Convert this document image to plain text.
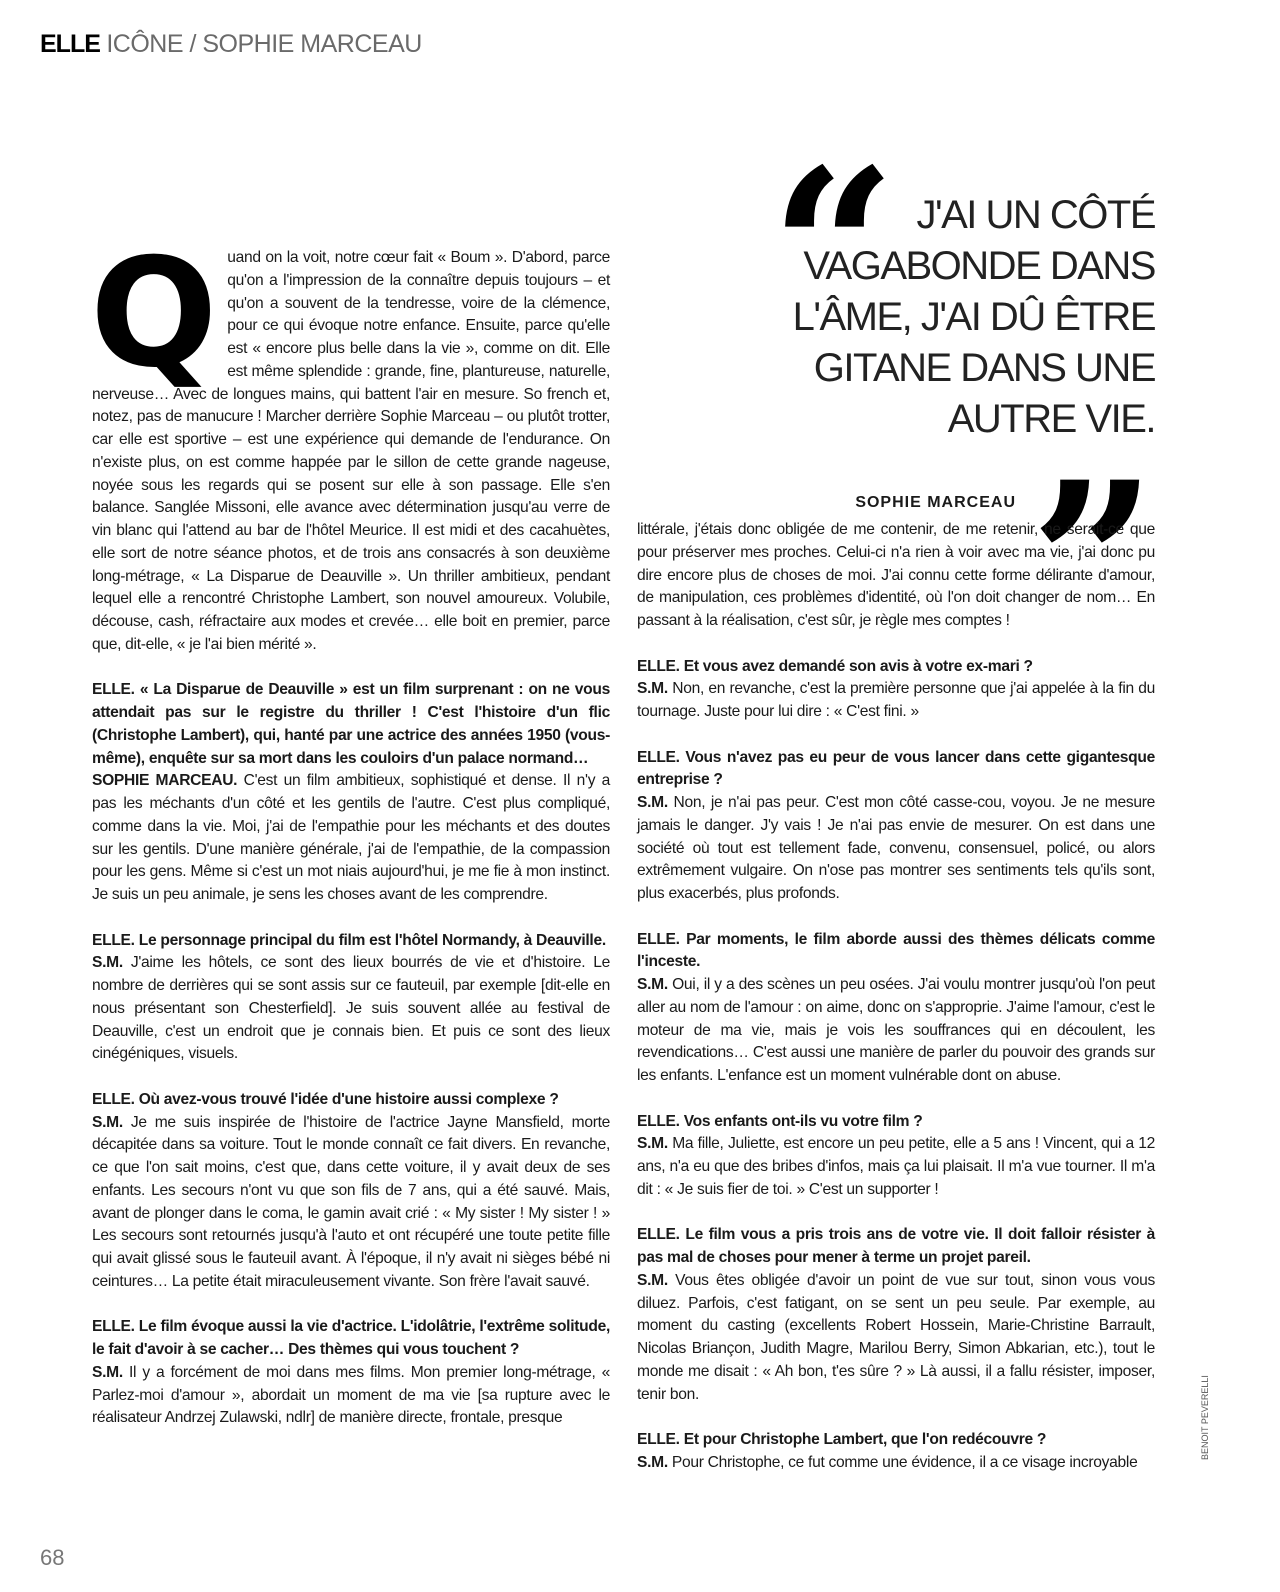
ELLE ICÔNE / SOPHIE MARCEAU
“ J'AI UN CÔTÉ VAGABONDE DANS L'ÂME, J'AI DÛ ÊTRE GITANE DANS UNE AUTRE VIE.
SOPHIE MARCEAU ”

Quand on la voit, notre cœur fait « Boum ». D'abord, parce qu'on a l'impression de la connaître depuis toujours – et qu'on a souvent de la tendresse, voire de la clémence, pour ce qui évoque notre enfance. Ensuite, parce qu'elle est « encore plus belle dans la vie », comme on dit. Elle est même splendide : grande, fine, plantureuse, naturelle, nerveuse… Avec de longues mains, qui battent l'air en mesure. So french et, notez, pas de manucure ! Marcher derrière Sophie Marceau – ou plutôt trotter, car elle est sportive – est une expérience qui demande de l'endurance. On n'existe plus, on est comme happée par le sillon de cette grande nageuse, noyée sous les regards qui se posent sur elle à son passage. Elle s'en balance. Sanglée Missoni, elle avance avec détermination jusqu'au verre de vin blanc qui l'attend au bar de l'hôtel Meurice. Il est midi et des cacahuètes, elle sort de notre séance photos, et de trois ans consacrés à son deuxième long-métrage, « La Disparue de Deauville ». Un thriller ambitieux, pendant lequel elle a rencontré Christophe Lambert, son nouvel amoureux. Volubile, découse, cash, réfractaire aux modes et crevée… elle boit en premier, parce que, dit-elle, « je l'ai bien mérité ».

ELLE. « La Disparue de Deauville » est un film surprenant : on ne vous attendait pas sur le registre du thriller ! C'est l'histoire d'un flic (Christophe Lambert), qui, hanté par une actrice des années 1950 (vous-même), enquête sur sa mort dans les couloirs d'un palace normand…
SOPHIE MARCEAU. C'est un film ambitieux, sophistiqué et dense. Il n'y a pas les méchants d'un côté et les gentils de l'autre. C'est plus compliqué, comme dans la vie. Moi, j'ai de l'empathie pour les méchants et des doutes sur les gentils. D'une manière générale, j'ai de l'empathie, de la compassion pour les gens. Même si c'est un mot niais aujourd'hui, je me fie à mon instinct. Je suis un peu animale, je sens les choses avant de les comprendre.

ELLE. Le personnage principal du film est l'hôtel Normandy, à Deauville.
S.M. J'aime les hôtels, ce sont des lieux bourrés de vie et d'histoire. Le nombre de derrières qui se sont assis sur ce fauteuil, par exemple [dit-elle en nous présentant son Chesterfield]. Je suis souvent allée au festival de Deauville, c'est un endroit que je connais bien. Et puis ce sont des lieux cinégéniques, visuels.

ELLE. Où avez-vous trouvé l'idée d'une histoire aussi complexe ?
S.M. Je me suis inspirée de l'histoire de l'actrice Jayne Mansfield, morte décapitée dans sa voiture. Tout le monde connaît ce fait divers. En revanche, ce que l'on sait moins, c'est que, dans cette voiture, il y avait deux de ses enfants. Les secours n'ont vu que son fils de 7 ans, qui a été sauvé. Mais, avant de plonger dans le coma, le gamin avait crié : « My sister ! My sister ! » Les secours sont retournés jusqu'à l'auto et ont récupéré une toute petite fille qui avait glissé sous le fauteuil avant. À l'époque, il n'y avait ni sièges bébé ni ceintures… La petite était miraculeusement vivante. Son frère l'avait sauvé.

ELLE. Le film évoque aussi la vie d'actrice. L'idolâtrie, l'extrême solitude, le fait d'avoir à se cacher… Des thèmes qui vous touchent ?
S.M. Il y a forcément de moi dans mes films. Mon premier long-métrage, « Parlez-moi d'amour », abordait un moment de ma vie [sa rupture avec le réalisateur Andrzej Zulawski, ndlr] de manière directe, frontale, presque

littérale, j'étais donc obligée de me contenir, de me retenir, ne serait-ce que pour préserver mes proches. Celui-ci n'a rien à voir avec ma vie, j'ai donc pu dire encore plus de choses de moi. J'ai connu cette forme délirante d'amour, de manipulation, ces problèmes d'identité, où l'on doit changer de nom… En passant à la réalisation, c'est sûr, je règle mes comptes !

ELLE. Et vous avez demandé son avis à votre ex-mari ?
S.M. Non, en revanche, c'est la première personne que j'ai appelée à la fin du tournage. Juste pour lui dire : « C'est fini. »

ELLE. Vous n'avez pas eu peur de vous lancer dans cette gigantesque entreprise ?
S.M. Non, je n'ai pas peur. C'est mon côté casse-cou, voyou. Je ne mesure jamais le danger. J'y vais ! Je n'ai pas envie de mesurer. On est dans une société où tout est tellement fade, convenu, consensuel, policé, ou alors extrêmement vulgaire. On n'ose pas montrer ses sentiments tels qu'ils sont, plus exacerbés, plus profonds.

ELLE. Par moments, le film aborde aussi des thèmes délicats comme l'inceste.
S.M. Oui, il y a des scènes un peu osées. J'ai voulu montrer jusqu'où l'on peut aller au nom de l'amour : on aime, donc on s'approprie. J'aime l'amour, c'est le moteur de ma vie, mais je vois les souffrances qui en découlent, les revendications… C'est aussi une manière de parler du pouvoir des grands sur les enfants. L'enfance est un moment vulnérable dont on abuse.

ELLE. Vos enfants ont-ils vu votre film ?
S.M. Ma fille, Juliette, est encore un peu petite, elle a 5 ans ! Vincent, qui a 12 ans, n'a eu que des bribes d'infos, mais ça lui plaisait. Il m'a vue tourner. Il m'a dit : « Je suis fier de toi. » C'est un supporter !

ELLE. Le film vous a pris trois ans de votre vie. Il doit falloir résister à pas mal de choses pour mener à terme un projet pareil.
S.M. Vous êtes obligée d'avoir un point de vue sur tout, sinon vous vous diluez. Parfois, c'est fatigant, on se sent un peu seule. Par exemple, au moment du casting (excellents Robert Hossein, Marie-Christine Barrault, Nicolas Briançon, Judith Magre, Marilou Berry, Simon Abkarian, etc.), tout le monde me disait : « Ah bon, t'es sûre ? » Là aussi, il a fallu résister, imposer, tenir bon.

ELLE. Et pour Christophe Lambert, que l'on redécouvre ?
S.M. Pour Christophe, ce fut comme une évidence, il a ce visage incroyable

68
BENOIT PEVERELLI
